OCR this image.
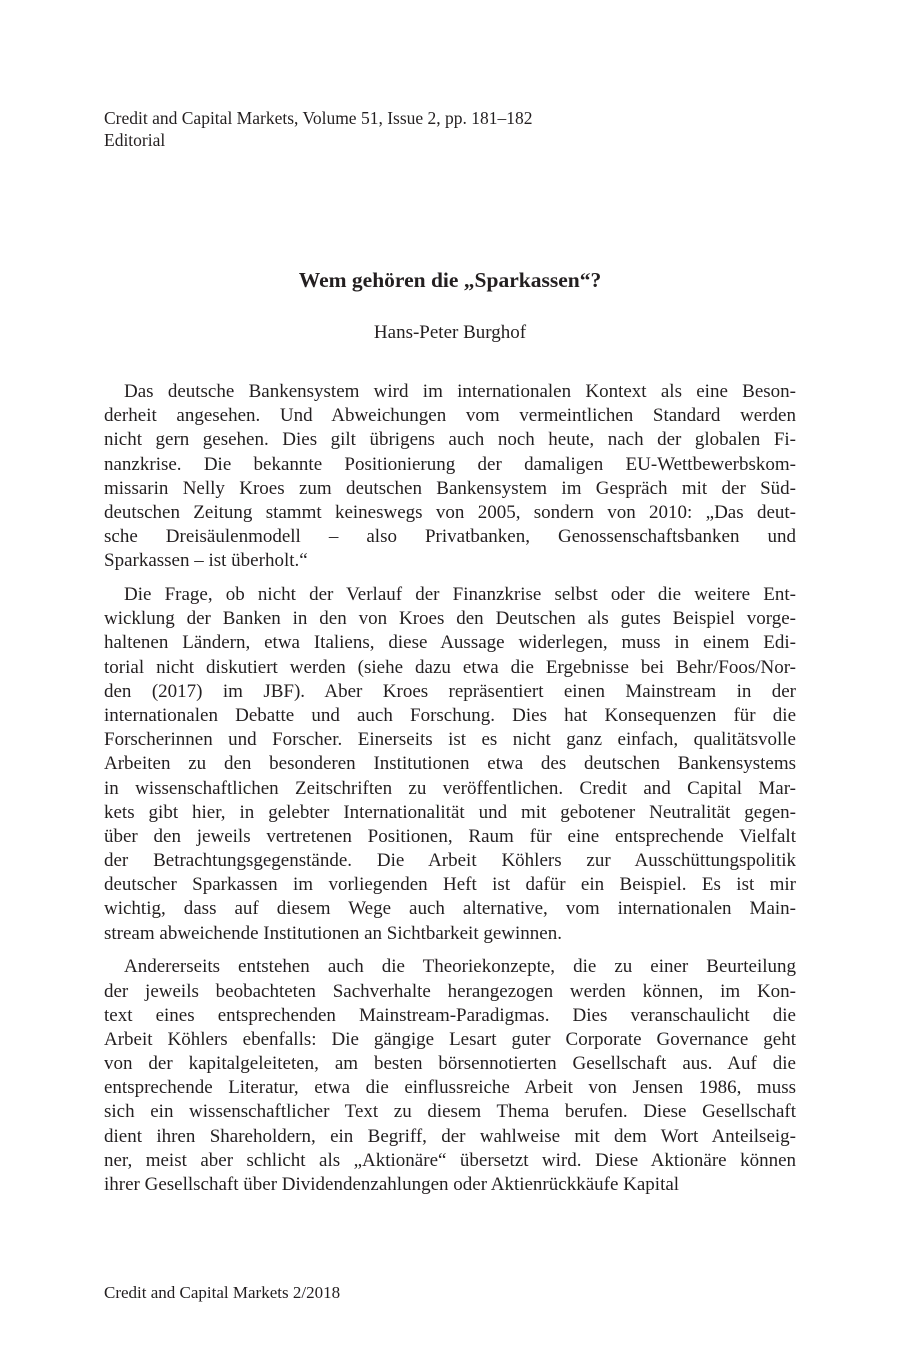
Credit and Capital Markets, Volume 51, Issue 2, pp. 181–182
Editorial
Wem gehören die „Sparkassen“?
Hans-Peter Burghof
Das deutsche Bankensystem wird im internationalen Kontext als eine Beson-
derheit angesehen. Und Abweichungen vom vermeintlichen Standard werden
nicht gern gesehen. Dies gilt übrigens auch noch heute, nach der globalen Fi-
nanzkrise. Die bekannte Positionierung der damaligen EU-Wettbewerbskom-
missarin Nelly Kroes zum deutschen Bankensystem im Gespräch mit der Süd-
deutschen Zeitung stammt keineswegs von 2005, sondern von 2010: „Das deut-
sche Dreisäulenmodell – also Privatbanken, Genossenschaftsbanken und
Sparkassen – ist überholt.“
Die Frage, ob nicht der Verlauf der Finanzkrise selbst oder die weitere Ent-
wicklung der Banken in den von Kroes den Deutschen als gutes Beispiel vorge-
haltenen Ländern, etwa Italiens, diese Aussage widerlegen, muss in einem Edi-
torial nicht diskutiert werden (siehe dazu etwa die Ergebnisse bei Behr/Foos/Nor-
den (2017) im JBF). Aber Kroes repräsentiert einen Mainstream in der
internationalen Debatte und auch Forschung. Dies hat Konsequenzen für die
Forscherinnen und Forscher. Einerseits ist es nicht ganz einfach, qualitätsvolle
Arbeiten zu den besonderen Institutionen etwa des deutschen Bankensystems
in wissenschaftlichen Zeitschriften zu veröffentlichen. Credit and Capital Mar-
kets gibt hier, in gelebter Internationalität und mit gebotener Neutralität gegen-
über den jeweils vertretenen Positionen, Raum für eine entsprechende Vielfalt
der Betrachtungsgegenstände. Die Arbeit Köhlers zur Ausschüttungspolitik
deutscher Sparkassen im vorliegenden Heft ist dafür ein Beispiel. Es ist mir
wichtig, dass auf diesem Wege auch alternative, vom internationalen Main-
stream abweichende Institutionen an Sichtbarkeit gewinnen.
Andererseits entstehen auch die Theoriekonzepte, die zu einer Beurteilung
der jeweils beobachteten Sachverhalte herangezogen werden können, im Kon-
text eines entsprechenden Mainstream-Paradigmas. Dies veranschaulicht die
Arbeit Köhlers ebenfalls: Die gängige Lesart guter Corporate Governance geht
von der kapitalgeleiteten, am besten börsennotierten Gesellschaft aus. Auf die
entsprechende Literatur, etwa die einflussreiche Arbeit von Jensen 1986, muss
sich ein wissenschaftlicher Text zu diesem Thema berufen. Diese Gesellschaft
dient ihren Shareholdern, ein Begriff, der wahlweise mit dem Wort Anteilseig-
ner, meist aber schlicht als „Aktionäre“ übersetzt wird. Diese Aktionäre können
ihrer Gesellschaft über Dividendenzahlungen oder Aktienrückkäufe Kapital
Credit and Capital Markets 2/2018
